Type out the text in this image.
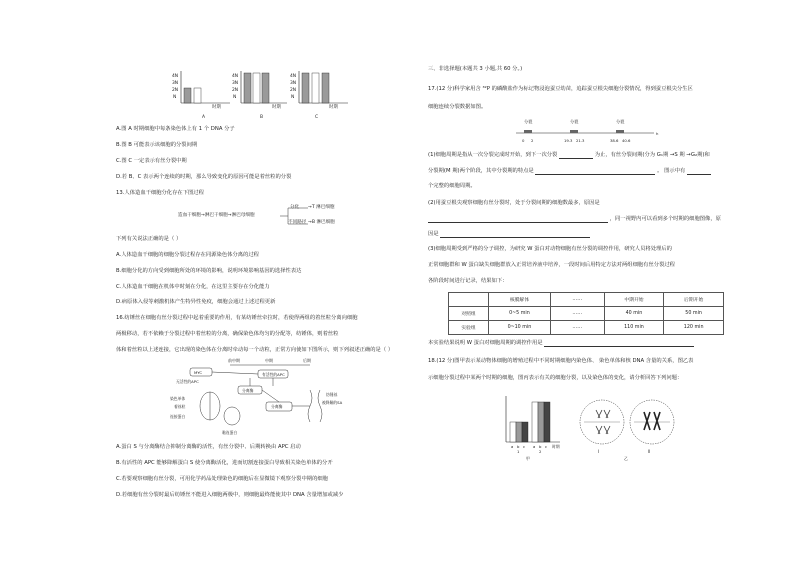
4N
3N
2N
N
时期
A
4N
3N
2N
N
时期
B
4N
3N
2N
N
时期
C
A.图 A 时期细胞中每条染色体上有 1 个 DNA 分子
B.图 B 可能表示该细胞的分裂间期
C.图 C 一定表示有丝分裂中期
D.若 B、C 表示两个连续的时期，那么导致变化的原因可能是着丝粒的分裂
13.人体造血干细胞分化存在下图过程
造血干细胞→淋巴干细胞→淋巴母细胞
分化
不同路径
→T 淋巴细胞
→B 淋巴细胞
下列有关说法正确的是（ ）
A.人体造血干细胞的细胞分裂过程存在同源染色体分离的过程
B.细胞分化的方向受到细胞所处的环境的影响，说明环境影响基因的选择性表达
C.人体造血干细胞在机体中时刻在分化，在这里主要存在分化能力
D.病原体入侵等刺激机体产生特异性免疫，细胞会通过上述过程更新
16.纺锤丝在细胞有丝分裂过程中起着重要的作用，有某纺锤丝牵拉时，若使得两组的着丝粒分离向细胞
两极移动，若不依赖于分裂过程中着丝粒的分离，确保染色体均匀的分配等，纺锤体，则着丝粒
体和着丝粒以上述连接，它出现的染色体在分离时牵动每一个动粒，正常方向使如下图所示，则下列叙述正确的是（ ）
前中期	中期	后期
MYC
无活性的APC
有活性的APC
分离酶
分离酶
染色单体
着丝粒
连接蛋白
纺锤丝
被降解的SA
黏连蛋白
A.蛋白 S 与分离酶结合抑制分离酶的活性，有丝分裂中、后期转换由 APC 启动
B.有活性的 APC 能够降解蛋白 S 使分离酶活化，进而切割连接蛋白导致相关染色单体的分开
C.若要观察细胞有丝分裂，可用化学药品处理染色的细胞后在显微镜下观察分裂中期的细胞
D.若细胞有丝分裂时最后纺锤丝不能进入细胞两极中，则细胞最终能使其中 DNA 含量增加或减少
三、非选择题(本题共 3 小题,共 60 分。)
17.(12 分)科学家用含 ³²P 的磷酸盐作为标记物浸泡蚕豆幼苗，追踪蚕豆根尖细胞分裂情况，得到蚕豆根尖分生区
细胞连续分裂数据如图。
分裂	分裂	分裂
0 2	19.3 21.3	38.6 40.6
h
(1)细胞周期是指从一次分裂完成时开始，到下一次分裂	为止，有丝分裂间期(分为 G₁期 →S 期 →G₂期)和
分裂期(M 期)两个阶段，其中分裂期的特点是	。 图示中有
个完整的细胞周期。
(2)用蚕豆根尖观察细胞有丝分裂时，处于分裂间期的细胞数最多，原因是
，同一视野内可以看到多个时期的细胞图像，原
因是
(3)细胞周期受到严格的分子调控，为研究 W 蛋白对动物细胞有丝分裂的调控作用，研究人员将处理后的
正常细胞群和 W 蛋白缺失细胞群放入正常培养液中培养，一段时间后用特定方法对两组细胞有丝分裂过程
各阶段时间进行记录，结果如下：
	核膜解体	……	中期开始	后期开始
对照组	0~5 min	……	40 min	50 min
实验组	0~10 min	……	110 min	120 min
本实验结果说明 W 蛋白对细胞周期的调控作用是
18.(12 分)图甲表示某动物体细胞的增殖过程中不同时期细胞内染色体、 染色单体和核 DNA 含量的关系，图乙表
示细胞分裂过程中某两个时期的细胞，图丙表示有关的细胞分裂，以及染色体的变化，请分析回答下列问题：
a b c a b c
1	2
时期
甲
Ⅰ	Ⅱ
乙
